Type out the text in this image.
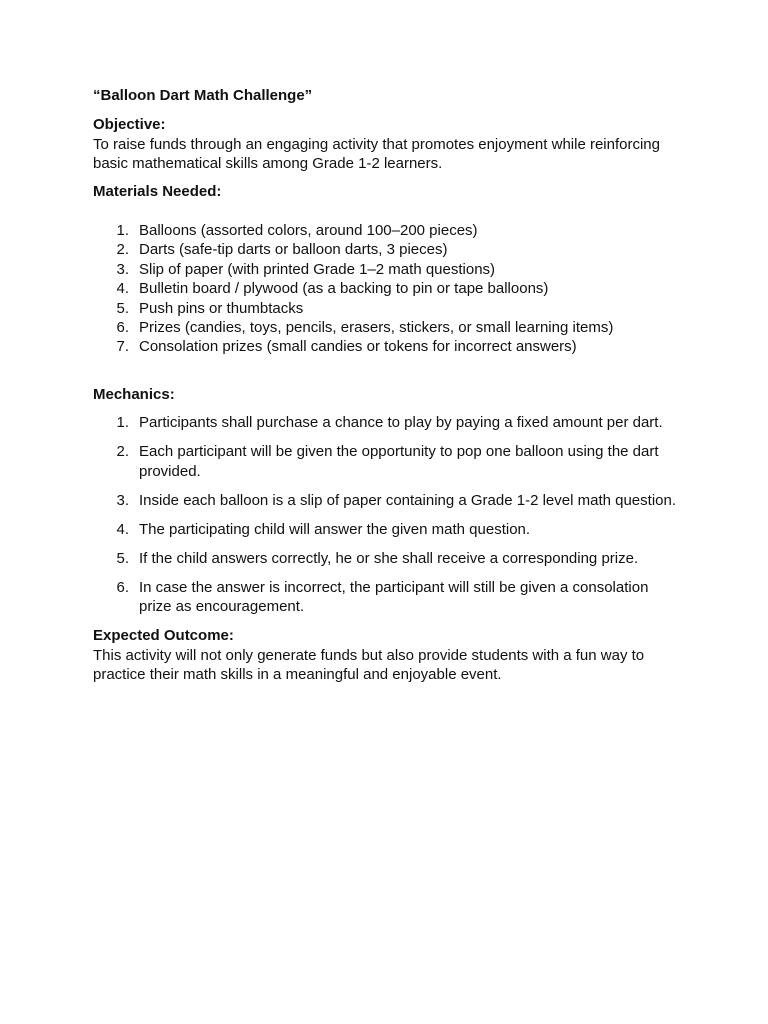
“Balloon Dart Math Challenge”

Objective:

To raise funds through an engaging activity that promotes enjoyment while reinforcing basic mathematical skills among Grade 1-2 learners.

Materials Needed:

1. Balloons (assorted colors, around 100–200 pieces)
2. Darts (safe-tip darts or balloon darts, 3 pieces)
3. Slip of paper (with printed Grade 1–2 math questions)
4. Bulletin board / plywood (as a backing to pin or tape balloons)
5. Push pins or thumbtacks
6. Prizes (candies, toys, pencils, erasers, stickers, or small learning items)
7. Consolation prizes (small candies or tokens for incorrect answers)

Mechanics:

1. Participants shall purchase a chance to play by paying a fixed amount per dart.
2. Each participant will be given the opportunity to pop one balloon using the dart provided.
3. Inside each balloon is a slip of paper containing a Grade 1-2 level math question.
4. The participating child will answer the given math question.
5. If the child answers correctly, he or she shall receive a corresponding prize.
6. In case the answer is incorrect, the participant will still be given a consolation prize as encouragement.

Expected Outcome:

This activity will not only generate funds but also provide students with a fun way to practice their math skills in a meaningful and enjoyable event.
